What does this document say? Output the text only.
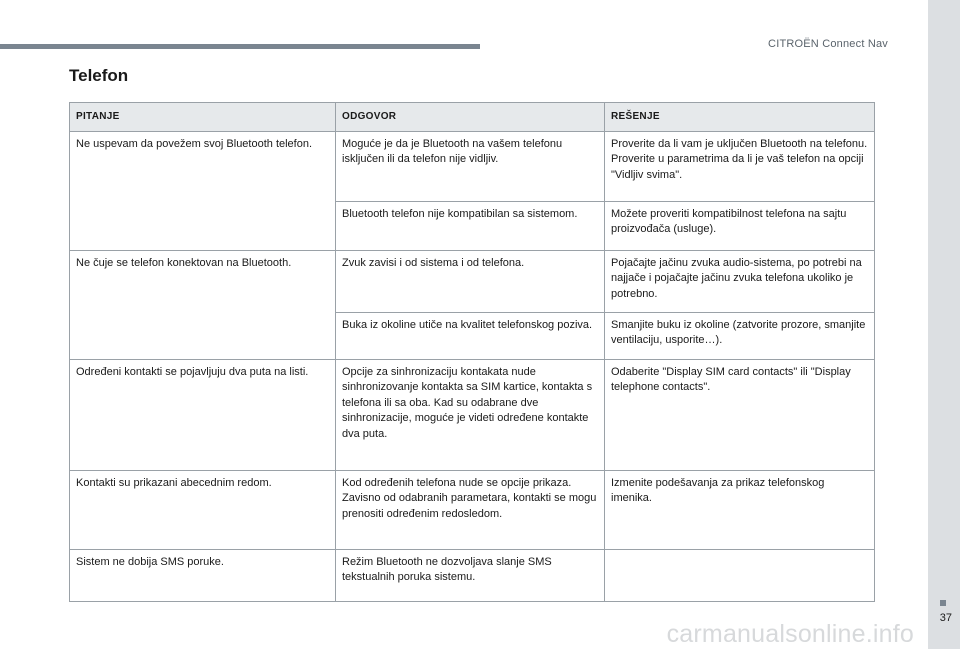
CITROËN Connect Nav
Telefon
PITANJE	ODGOVOR	REŠENJE
Ne uspevam da povežem svoj Bluetooth telefon.	Moguće je da je Bluetooth na vašem telefonu isključen ili da telefon nije vidljiv.	Proverite da li vam je uključen Bluetooth na telefonu.
Proverite u parametrima da li je vaš telefon na opciji "Vidljiv svima".
	Bluetooth telefon nije kompatibilan sa sistemom.	Možete proveriti kompatibilnost telefona na sajtu proizvođača (usluge).
Ne čuje se telefon konektovan na Bluetooth.	Zvuk zavisi i od sistema i od telefona.	Pojačajte jačinu zvuka audio-sistema, po potrebi na najjače i pojačajte jačinu zvuka telefona ukoliko je potrebno.
	Buka iz okoline utiče na kvalitet telefonskog poziva.	Smanjite buku iz okoline (zatvorite prozore, smanjite ventilaciju, usporite…).
Određeni kontakti se pojavljuju dva puta na listi.	Opcije za sinhronizaciju kontakata nude sinhronizovanje kontakta sa SIM kartice, kontakta s telefona ili sa oba. Kad su odabrane dve sinhronizacije, moguće je videti određene kontakte dva puta.	Odaberite "Display SIM card contacts" ili "Display telephone contacts".
Kontakti su prikazani abecednim redom.	Kod određenih telefona nude se opcije prikaza. Zavisno od odabranih parametara, kontakti se mogu prenositi određenim redosledom.	Izmenite podešavanja za prikaz telefonskog imenika.
Sistem ne dobija SMS poruke.	Režim Bluetooth ne dozvoljava slanje SMS tekstualnih poruka sistemu.	
37
carmanualsonline.info
